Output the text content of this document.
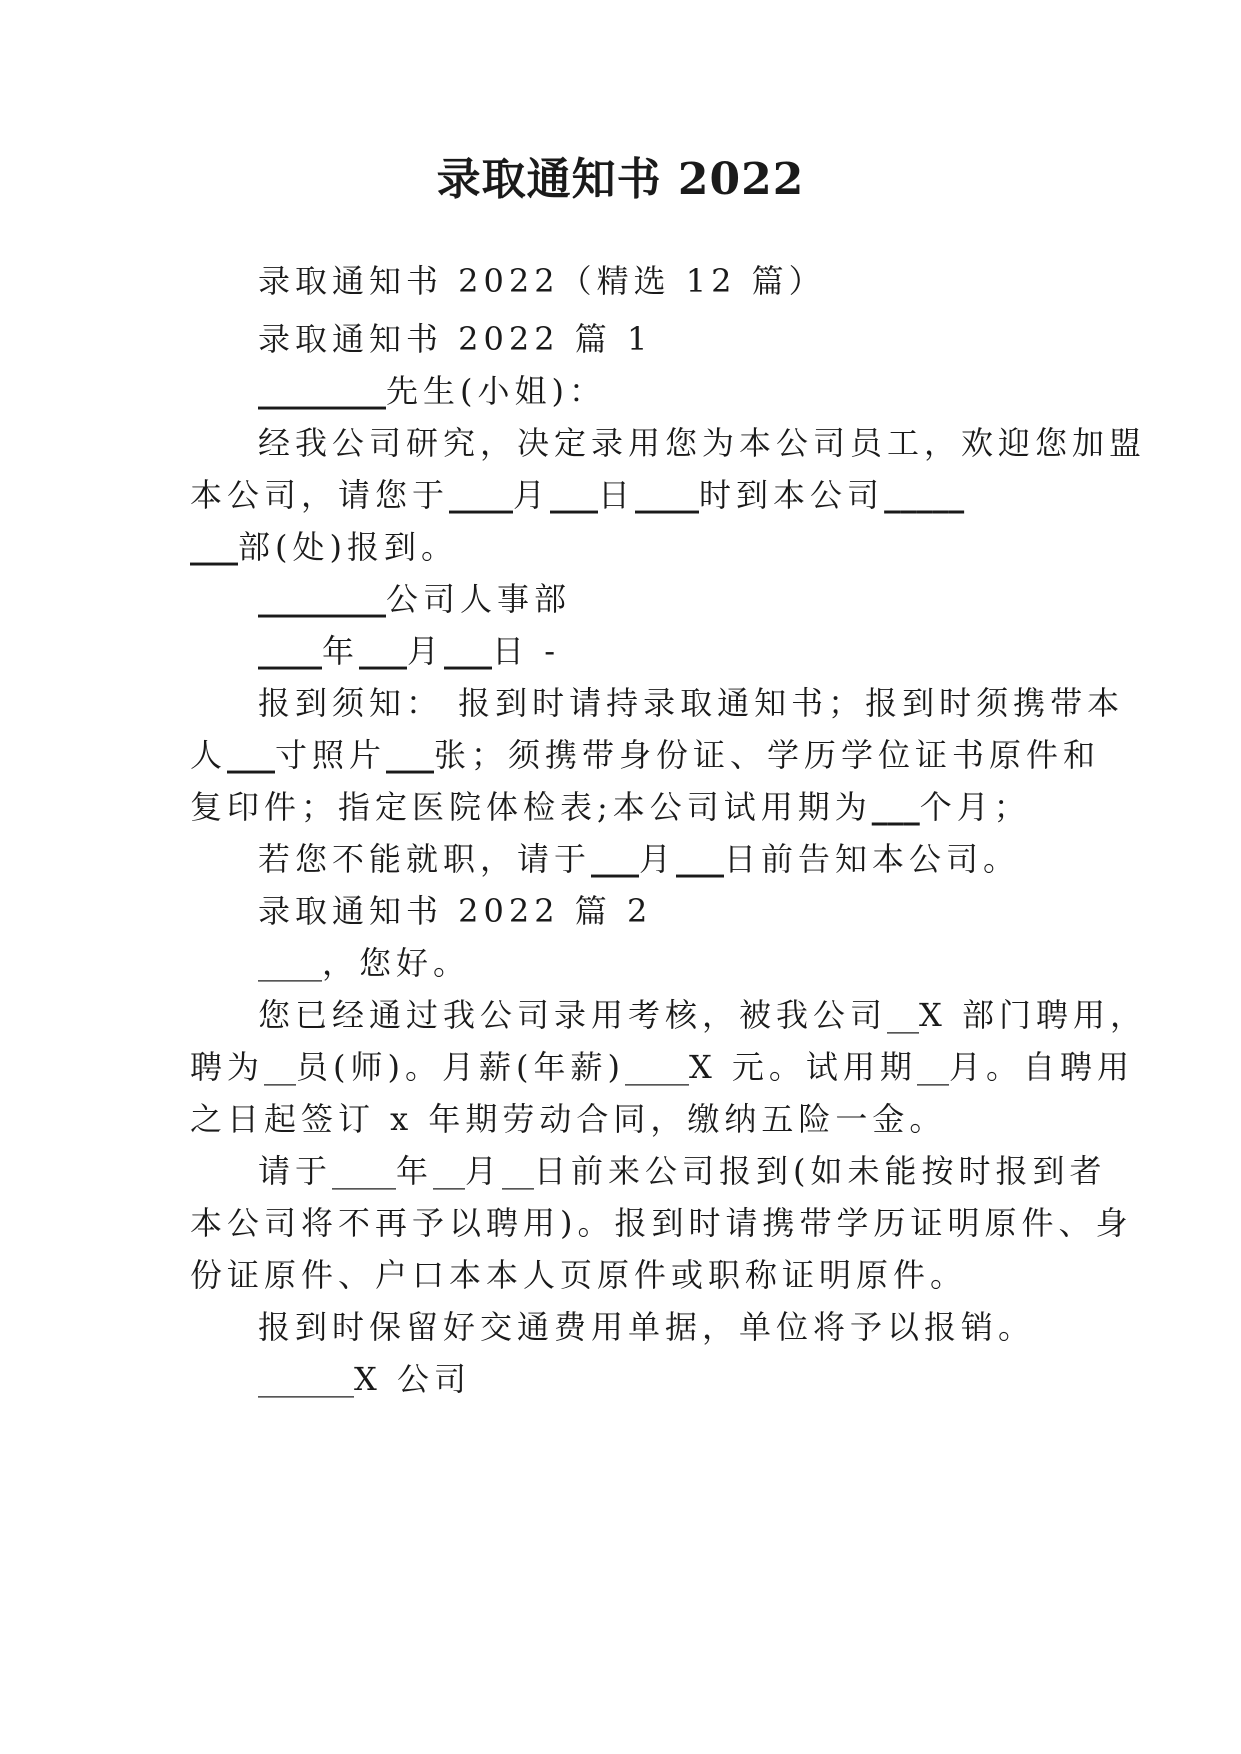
录取通知书 2022
录取通知书 2022（精选 12 篇）
录取通知书 2022 篇 1
________先生(小姐)：
经我公司研究，决定录用您为本公司员工，欢迎您加盟
本公司，请您于____月___日____时到本公司_____
___部(处)报到。
________公司人事部
____年___月___日 -
报到须知： 报到时请持录取通知书；报到时须携带本
人___寸照片___张；须携带身份证、学历学位证书原件和
复印件；指定医院体检表;本公司试用期为___个月；
若您不能就职，请于___月___日前告知本公司。
录取通知书 2022 篇 2
____，您好。
您已经通过我公司录用考核，被我公司__X 部门聘用，
聘为__员(师)。月薪(年薪)____X 元。试用期__月。自聘用
之日起签订 x 年期劳动合同，缴纳五险一金。
请于____年__月__日前来公司报到(如未能按时报到者
本公司将不再予以聘用)。报到时请携带学历证明原件、身
份证原件、户口本本人页原件或职称证明原件。
报到时保留好交通费用单据，单位将予以报销。
______X 公司
